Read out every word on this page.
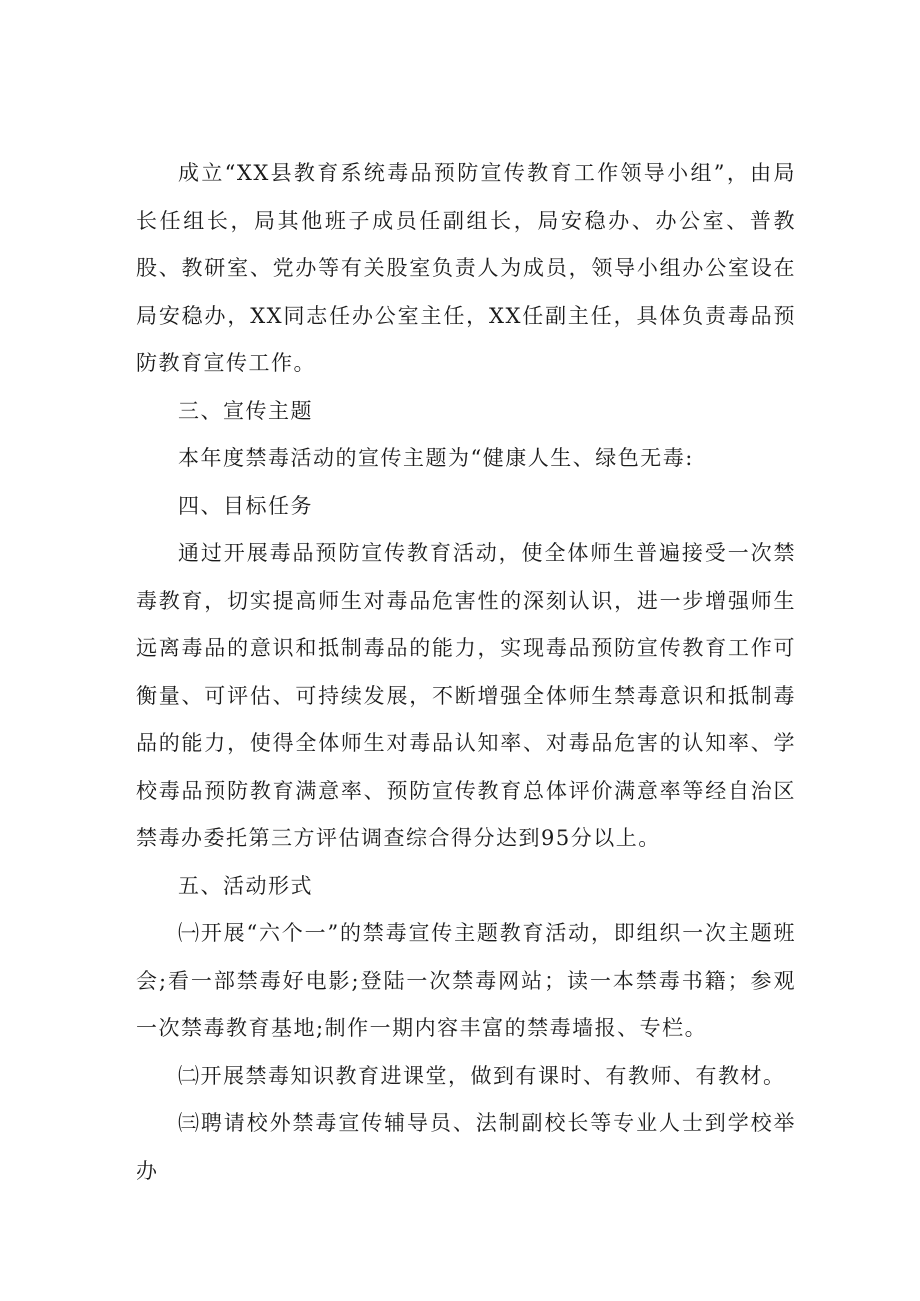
成立“XX县教育系统毒品预防宣传教育工作领导小组”，由局长任组长，局其他班子成员任副组长，局安稳办、办公室、普教股、教研室、党办等有关股室负责人为成员，领导小组办公室设在局安稳办，XX同志任办公室主任，XX任副主任，具体负责毒品预防教育宣传工作。

三、宣传主题

本年度禁毒活动的宣传主题为“健康人生、绿色无毒:

四、目标任务

通过开展毒品预防宣传教育活动，使全体师生普遍接受一次禁毒教育，切实提高师生对毒品危害性的深刻认识，进一步增强师生远离毒品的意识和抵制毒品的能力，实现毒品预防宣传教育工作可衡量、可评估、可持续发展，不断增强全体师生禁毒意识和抵制毒品的能力，使得全体师生对毒品认知率、对毒品危害的认知率、学校毒品预防教育满意率、预防宣传教育总体评价满意率等经自治区禁毒办委托第三方评估调查综合得分达到95分以上。

五、活动形式

㈠开展“六个一”的禁毒宣传主题教育活动，即组织一次主题班会;看一部禁毒好电影;登陆一次禁毒网站；读一本禁毒书籍；参观一次禁毒教育基地;制作一期内容丰富的禁毒墙报、专栏。

㈡开展禁毒知识教育进课堂，做到有课时、有教师、有教材。

㈢聘请校外禁毒宣传辅导员、法制副校长等专业人士到学校举办
